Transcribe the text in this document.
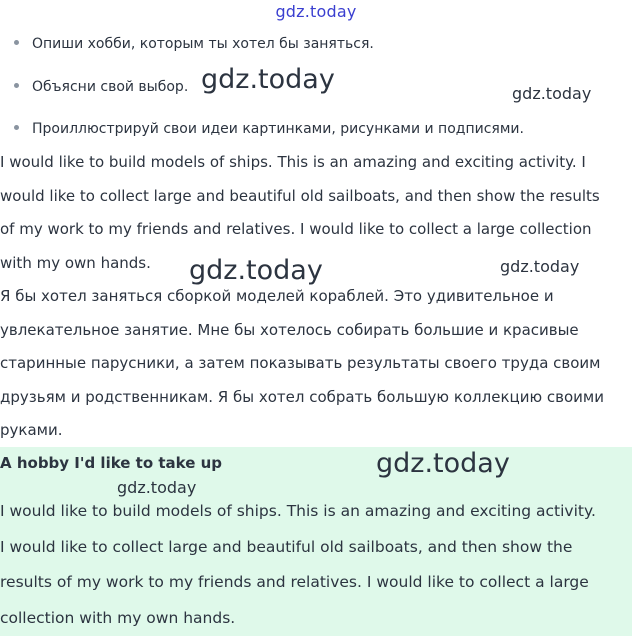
gdz.today
Опиши хобби, которым ты хотел бы заняться.
Объясни свой выбор.
Проиллюстрируй свои идеи картинками, рисунками и подписями.
I would like to build models of ships. This is an amazing and exciting activity. I
would like to collect large and beautiful old sailboats, and then show the results
of my work to my friends and relatives. I would like to collect a large collection
with my own hands.
Я бы хотел заняться сборкой моделей кораблей. Это удивительное и
увлекательное занятие. Мне бы хотелось собирать большие и красивые
старинные парусники, а затем показывать результаты своего труда своим
друзьям и родственникам. Я бы хотел собрать большую коллекцию своими
руками.
A hobby I'd like to take up
I would like to build models of ships. This is an amazing and exciting activity.
I would like to collect large and beautiful old sailboats, and then show the
results of my work to my friends and relatives. I would like to collect a large
collection with my own hands.
gdz.today	gdz.today
gdz.today	gdz.today
gdz.today
gdz.today
